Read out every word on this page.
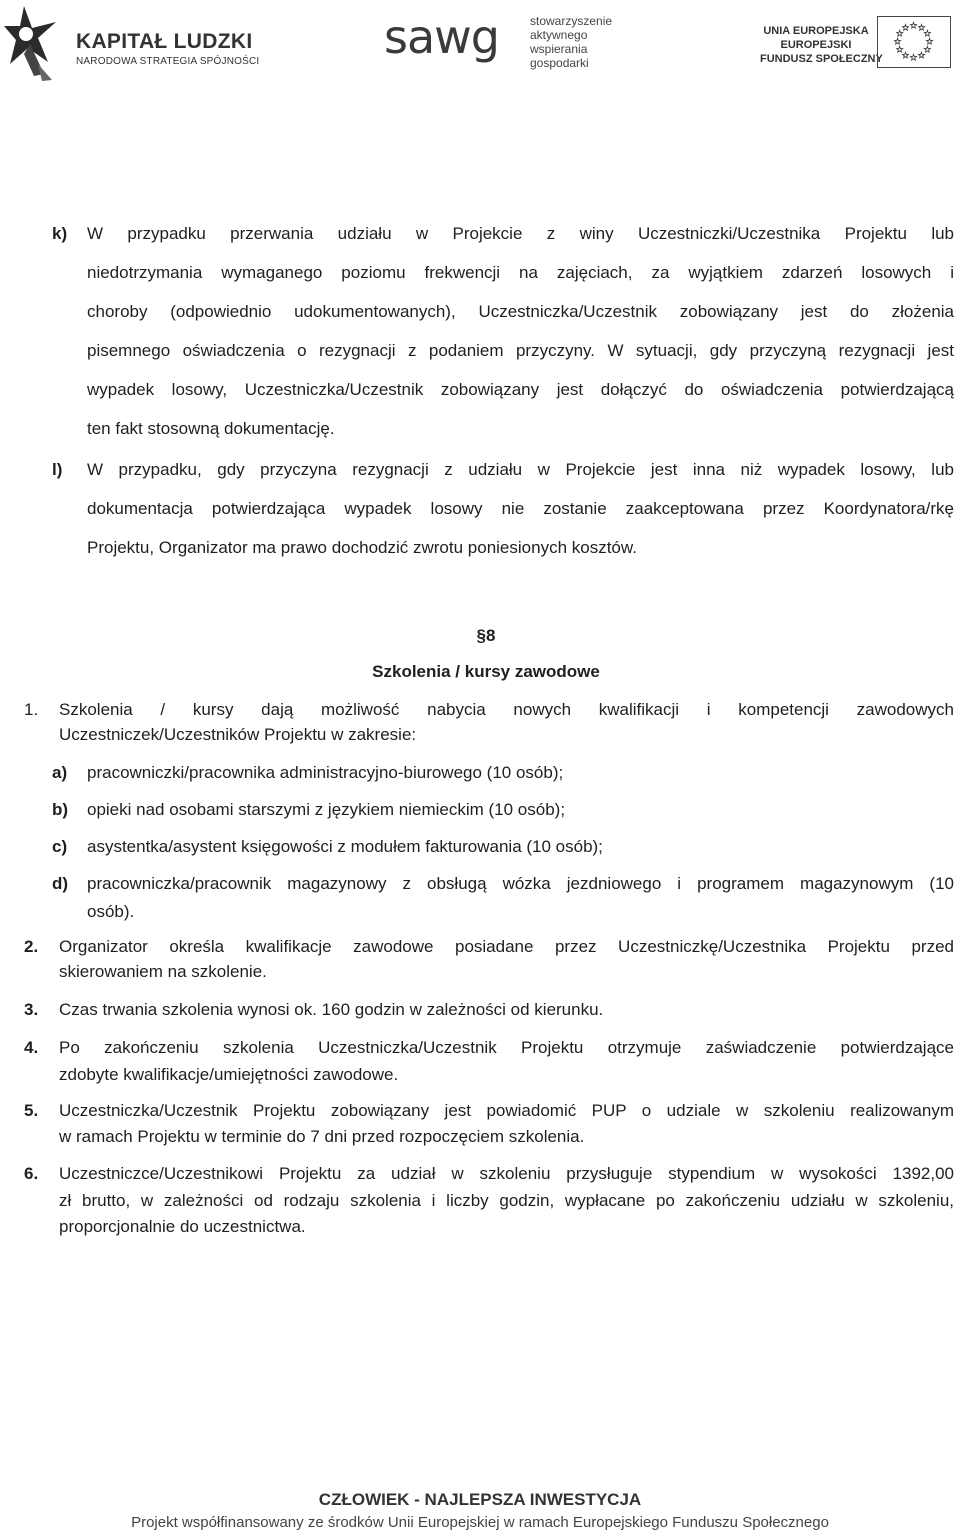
KAPITAŁ LUDZKI
NARODOWA STRATEGIA SPÓJNOŚCI	sawg	stowarzyszenie
aktywnego
wspierania
gospodarki
UNIA EUROPEJSKA
EUROPEJSKI
FUNDUSZ SPOŁECZNY
k) W przypadku przerwania udziału w Projekcie z winy Uczestniczki/Uczestnika Projektu lub
niedotrzymania wymaganego poziomu frekwencji na zajęciach, za wyjątkiem zdarzeń losowych i
choroby (odpowiednio udokumentowanych), Uczestniczka/Uczestnik zobowiązany jest do złożenia
pisemnego oświadczenia o rezygnacji z podaniem przyczyny. W sytuacji, gdy przyczyną rezygnacji jest
wypadek losowy, Uczestniczka/Uczestnik zobowiązany jest dołączyć do oświadczenia potwierdzającą
ten fakt stosowną dokumentację.
l) W przypadku, gdy przyczyna rezygnacji z udziału w Projekcie jest inna niż wypadek losowy, lub
dokumentacja potwierdzająca wypadek losowy nie zostanie zaakceptowana przez Koordynatora/rkę
Projektu, Organizator ma prawo dochodzić zwrotu poniesionych kosztów.
§8
Szkolenia / kursy zawodowe
1. Szkolenia / kursy dają możliwość nabycia nowych kwalifikacji i kompetencji zawodowych
Uczestniczek/Uczestników Projektu w zakresie:
a) pracowniczki/pracownika administracyjno-biurowego (10 osób);
b) opieki nad osobami starszymi z językiem niemieckim (10 osób);
c) asystentka/asystent księgowości z modułem fakturowania (10 osób);
d) pracowniczka/pracownik magazynowy z obsługą wózka jezdniowego i programem magazynowym (10
osób).
2. Organizator określa kwalifikacje zawodowe posiadane przez Uczestniczkę/Uczestnika Projektu przed
skierowaniem na szkolenie.
3. Czas trwania szkolenia wynosi ok. 160 godzin w zależności od kierunku.
4. Po zakończeniu szkolenia Uczestniczka/Uczestnik Projektu otrzymuje zaświadczenie potwierdzające
zdobyte kwalifikacje/umiejętności zawodowe.
5. Uczestniczka/Uczestnik Projektu zobowiązany jest powiadomić PUP o udziale w szkoleniu realizowanym
w ramach Projektu w terminie do 7 dni przed rozpoczęciem szkolenia.
6. Uczestniczce/Uczestnikowi Projektu za udział w szkoleniu przysługuje stypendium w wysokości 1392,00
zł brutto, w zależności od rodzaju szkolenia i liczby godzin, wypłacane po zakończeniu udziału w szkoleniu,
proporcjonalnie do uczestnictwa.
CZŁOWIEK - NAJLEPSZA INWESTYCJA
Projekt współfinansowany ze środków Unii Europejskiej w ramach Europejskiego Funduszu Społecznego
